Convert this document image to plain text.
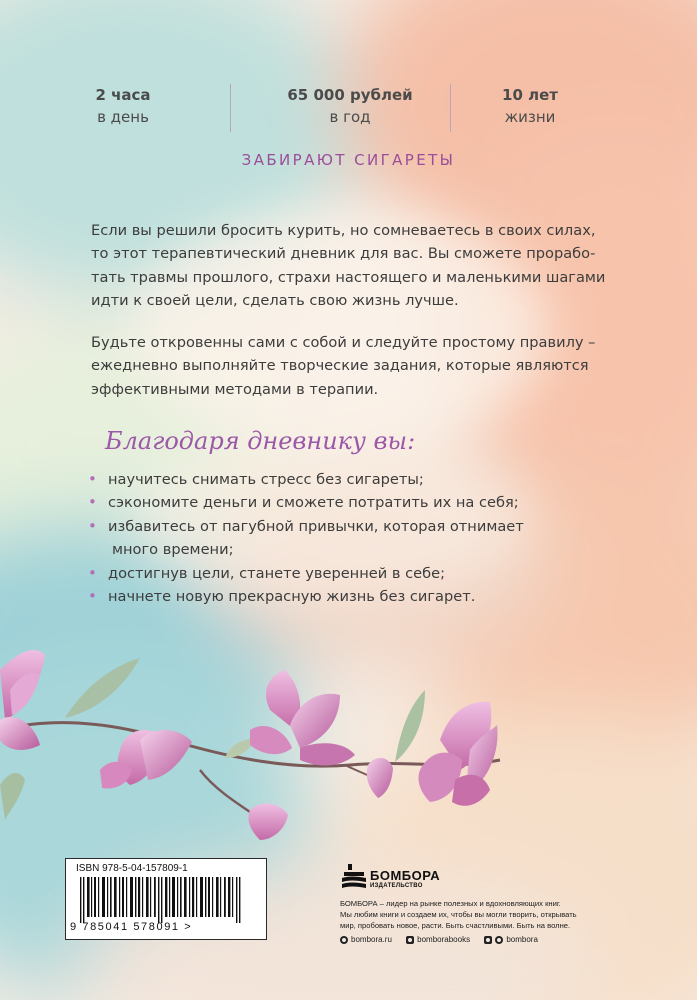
2 часа
в день
65 000 рублей
в год
10 лет
жизни
ЗАБИРАЮТ СИГАРЕТЫ

Если вы решили бросить курить, но сомневаетесь в своих силах,
то этот терапевтический дневник для вас. Вы сможете прорабо-
тать травмы прошлого, страхи настоящего и маленькими шагами
идти к своей цели, сделать свою жизнь лучше.

Будьте откровенны сами с собой и следуйте простому правилу –
ежедневно выполняйте творческие задания, которые являются
эффективными методами в терапии.

Благодаря дневнику вы:
• научитесь снимать стресс без сигареты;
• сэкономите деньги и сможете потратить их на себя;
• избавитесь от пагубной привычки, которая отнимает
много времени;
• достигнув цели, станете уверенней в себе;
• начнете новую прекрасную жизнь без сигарет.
ISBN 978-5-04-157809-1
9 785041 578091 >
БОМБОРА
ИЗДАТЕЛЬСТВО
БОМБОРА – лидер на рынке полезных и вдохновляющих книг.
Мы любим книги и создаем их, чтобы вы могли творить, открывать
мир, пробовать новое, расти. Быть счастливыми. Быть на волне.
bombora.ru
	bomborabooks
	bombora
